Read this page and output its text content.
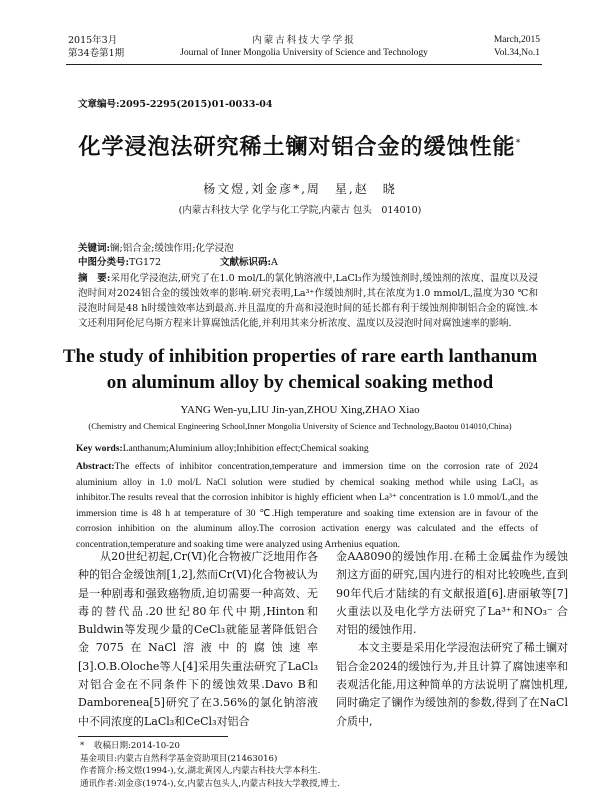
2015年3月
第34卷第1期
内蒙古科技大学学报
Journal of Inner Mongolia University of Science and Technology
March,2015
Vol.34,No.1
文章编号:2095-2295(2015)01-0033-04
化学浸泡法研究稀土镧对铝合金的缓蚀性能*
杨文煜,刘金彦*,周　星,赵　晓
(内蒙古科技大学 化学与化工学院,内蒙古 包头　014010)
关键词:镧;铝合金;缓蚀作用;化学浸泡
中图分类号:TG172	文献标识码:A
摘　要:采用化学浸泡法,研究了在1.0 mol/L的氯化钠溶液中,LaCl₃作为缓蚀剂时,缓蚀剂的浓度、温度以及浸泡时间对2024铝合金的缓蚀效率的影响.研究表明,La³⁺作缓蚀剂时,其在浓度为1.0 mmol/L,温度为30 ℃和浸泡时间是48 h时缓蚀效率达到最高.并且温度的升高和浸泡时间的延长都有利于缓蚀剂抑制铝合金的腐蚀.本文还利用阿伦尼乌斯方程来计算腐蚀活化能,并利用其来分析浓度、温度以及浸泡时间对腐蚀速率的影响.
The study of inhibition properties of rare earth lanthanum
on aluminum alloy by chemical soaking method
YANG Wen-yu,LIU Jin-yan,ZHOU Xing,ZHAO Xiao
(Chemistry and Chemical Engineering School,Inner Mongolia University of Science and Technology,Baotou 014010,China)
Key words:Lanthanum;Aluminium alloy;Inhibition effect;Chemical soaking
Abstract:The effects of inhibitor concentration,temperature and immersion time on the corrosion rate of 2024 aluminium alloy in 1.0 mol/L NaCl solution were studied by chemical soaking method while using LaCl₃ as inhibitor.The results reveal that the corrosion inhibitor is highly efficient when La³⁺ concentration is 1.0 mmol/L,and the immersion time is 48 h at temperature of 30 ℃.High temperature and soaking time extension are in favour of the corrosion inhibition on the aluminum alloy.The corrosion activation energy was calculated and the effects of concentration,temperature and soaking time were analyzed using Arrhenius equation.

从20世纪初起,Cr(Ⅵ)化合物被广泛地用作各种的铝合金缓蚀剂[1,2],然而Cr(Ⅵ)化合物被认为是一种剧毒和强致癌物质,迫切需要一种高效、无毒的替代品.20世纪80年代中期,Hinton和Buldwin等发现少量的CeCl₃就能显著降低铝合金7075在NaCl溶液中的腐蚀速率[3].O.B.Oloche等人[4]采用失重法研究了LaCl₃对铝合金在不同条件下的缓蚀效果.Davo B和Damborenea[5]研究了在3.56%的氯化钠溶液中不同浓度的LaCl₃和CeCl₃对铝合

金AA8090的缓蚀作用.在稀土金属盐作为缓蚀剂这方面的研究,国内进行的相对比较晚些,直到90年代后才陆续的有文献报道[6].唐丽敏等[7]火重法以及电化学方法研究了La³⁺和NO₃⁻ 合对铝的缓蚀作用.

本文主要是采用化学浸泡法研究了稀土镧对铝合金2024的缓蚀行为,并且计算了腐蚀速率和表观活化能,用这种简单的方法说明了腐蚀机理,同时确定了镧作为缓蚀剂的参数,得到了在NaCl介质中,

* 收稿日期:2014-10-20
基金项目:内蒙古自然科学基金资助项目(21463016)
作者简介:杨文煜(1994-),女,湖北黄冈人,内蒙古科技大学本科生.
通讯作者:刘金彦(1974-),女,内蒙古包头人,内蒙古科技大学教授,博士.
